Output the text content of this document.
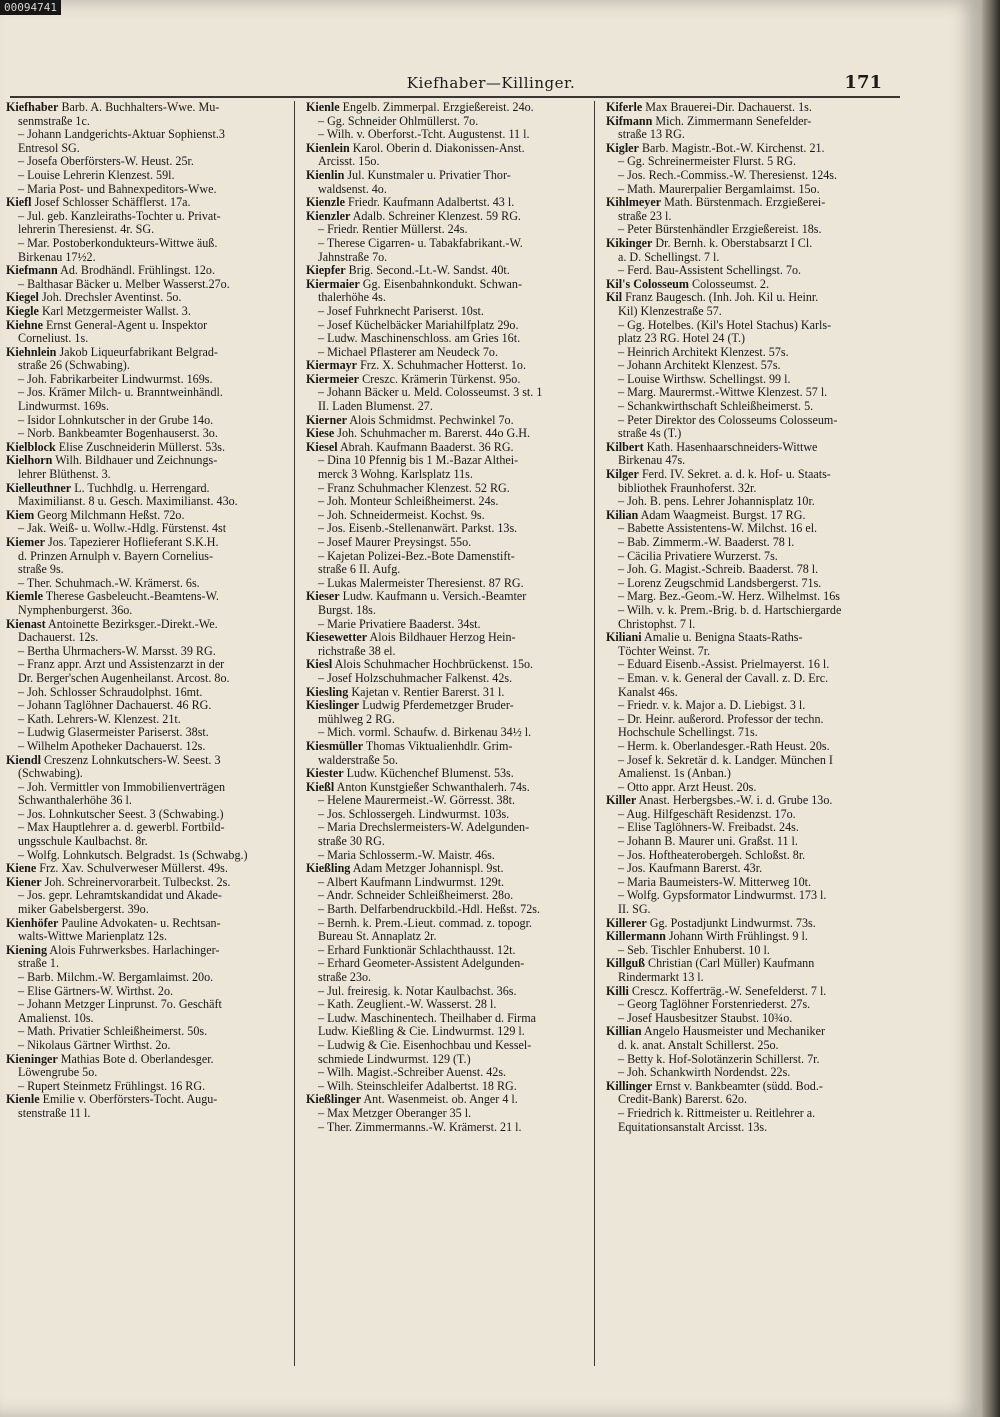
Kiefhaber—Killinger.	171

Kiefhaber Barb. A. Buchhalters-Wwe. Mu-

senmstraße 1c.

– Johann Landgerichts-Aktuar Sophienst.3

Entresol SG.

– Josefa Oberförsters-W. Heust. 25r.

– Louise Lehrerin Klenzest. 59l.

– Maria Post- und Bahnexpeditors-Wwe.

Kiefl Josef Schlosser Schäfflerst. 17a.

– Jul. geb. Kanzleiraths-Tochter u. Privat-

lehrerin Theresienst. 4r. SG.

– Mar. Postoberkondukteurs-Wittwe äuß.

Birkenau 17½2.

Kiefmann Ad. Brodhändl. Frühlingst. 12o.

– Balthasar Bäcker u. Melber Wasserst.27o.

Kiegel Joh. Drechsler Aventinst. 5o.

Kiegle Karl Metzgermeister Wallst. 3.

Kiehne Ernst General-Agent u. Inspektor

Corneliust. 1s.

Kiehnlein Jakob Liqueurfabrikant Belgrad-

straße 26 (Schwabing).

– Joh. Fabrikarbeiter Lindwurmst. 169s.

– Jos. Krämer Milch- u. Branntweinhändl.

Lindwurmst. 169s.

– Isidor Lohnkutscher in der Grube 14o.

– Norb. Bankbeamter Bogenhauserst. 3o.

Kielblock Elise Zuschneiderin Müllerst. 53s.

Kielhorn Wilh. Bildhauer und Zeichnungs-

lehrer Blüthenst. 3.

Kielleuthner L. Tuchhdlg. u. Herrengard.

Maximilianst. 8 u. Gesch. Maximilianst. 43o.

Kiem Georg Milchmann Heßst. 72o.

– Jak. Weiß- u. Wollw.-Hdlg. Fürstenst. 4st

Kiemer Jos. Tapezierer Hoflieferant S.K.H.

d. Prinzen Arnulph v. Bayern Cornelius-

straße 9s.

– Ther. Schuhmach.-W. Krämerst. 6s.

Kiemle Therese Gasbeleucht.-Beamtens-W.

Nymphenburgerst. 36o.

Kienast Antoinette Bezirksger.-Direkt.-We.

Dachauerst. 12s.

– Bertha Uhrmachers-W. Marsst. 39 RG.

– Franz appr. Arzt und Assistenzarzt in der

Dr. Berger'schen Augenheilanst. Arcost. 8o.

– Joh. Schlosser Schraudolphst. 16mt.

– Johann Taglöhner Dachauerst. 46 RG.

– Kath. Lehrers-W. Klenzest. 21t.

– Ludwig Glasermeister Pariserst. 38st.

– Wilhelm Apotheker Dachauerst. 12s.

Kiendl Creszenz Lohnkutschers-W. Seest. 3

(Schwabing).

– Joh. Vermittler von Immobilienverträgen

Schwanthalerhöhe 36 l.

– Jos. Lohnkutscher Seest. 3 (Schwabing.)

– Max Hauptlehrer a. d. gewerbl. Fortbild-

ungsschule Kaulbachst. 8r.

– Wolfg. Lohnkutsch. Belgradst. 1s (Schwabg.)

Kiene Frz. Xav. Schulverweser Müllerst. 49s.

Kiener Joh. Schreinervorarbeit. Tulbeckst. 2s.

– Jos. gepr. Lehramtskandidat und Akade-

miker Gabelsbergerst. 39o.

Kienhöfer Pauline Advokaten- u. Rechtsan-

walts-Wittwe Marienplatz 12s.

Kiening Alois Fuhrwerksbes. Harlachinger-

straße 1.

– Barb. Milchm.-W. Bergamlaimst. 20o.

– Elise Gärtners-W. Wirthst. 2o.

– Johann Metzger Linprunst. 7o. Geschäft

Amalienst. 10s.

– Math. Privatier Schleißheimerst. 50s.

– Nikolaus Gärtner Wirthst. 2o.

Kieninger Mathias Bote d. Oberlandesger.

Löwengrube 5o.

– Rupert Steinmetz Frühlingst. 16 RG.

Kienle Emilie v. Oberförsters-Tocht. Augu-

stenstraße 11 l.

Kienle Engelb. Zimmerpal. Erzgießereist. 24o.

– Gg. Schneider Ohlmüllerst. 7o.

– Wilh. v. Oberforst.-Tcht. Augustenst. 11 l.

Kienlein Karol. Oberin d. Diakonissen-Anst.

Arcisst. 15o.

Kienlin Jul. Kunstmaler u. Privatier Thor-

waldsenst. 4o.

Kienzle Friedr. Kaufmann Adalbertst. 43 l.

Kienzler Adalb. Schreiner Klenzest. 59 RG.

– Friedr. Rentier Müllerst. 24s.

– Therese Cigarren- u. Tabakfabrikant.-W.

Jahnstraße 7o.

Kiepfer Brig. Second.-Lt.-W. Sandst. 40t.

Kiermaier Gg. Eisenbahnkondukt. Schwan-

thalerhöhe 4s.

– Josef Fuhrknecht Pariserst. 10st.

– Josef Küchelbäcker Mariahilfplatz 29o.

– Ludw. Maschinenschloss. am Gries 16t.

– Michael Pflasterer am Neudeck 7o.

Kiermayr Frz. X. Schuhmacher Hotterst. 1o.

Kiermeier Creszc. Krämerin Türkenst. 95o.

– Johann Bäcker u. Meld. Colosseumst. 3 st. 1

II. Laden Blumenst. 27.

Kierner Alois Schmidmst. Pechwinkel 7o.

Kiese Joh. Schuhmacher m. Barerst. 44o G.H.

Kiesel Abrah. Kaufmann Baaderst. 36 RG.

– Dina 10 Pfennig bis 1 M.-Bazar Althei-

merck 3 Wohng. Karlsplatz 11s.

– Franz Schuhmacher Klenzest. 52 RG.

– Joh. Monteur Schleißheimerst. 24s.

– Joh. Schneidermeist. Kochst. 9s.

– Jos. Eisenb.-Stellenanwärt. Parkst. 13s.

– Josef Maurer Preysingst. 55o.

– Kajetan Polizei-Bez.-Bote Damenstift-

straße 6 II. Aufg.

– Lukas Malermeister Theresienst. 87 RG.

Kieser Ludw. Kaufmann u. Versich.-Beamter

Burgst. 18s.

– Marie Privatiere Baaderst. 34st.

Kiesewetter Alois Bildhauer Herzog Hein-

richstraße 38 el.

Kiesl Alois Schuhmacher Hochbrückenst. 15o.

– Josef Holzschuhmacher Falkenst. 42s.

Kiesling Kajetan v. Rentier Barerst. 31 l.

Kieslinger Ludwig Pferdemetzger Bruder-

mühlweg 2 RG.

– Mich. vorml. Schaufw. d. Birkenau 34½ l.

Kiesmüller Thomas Viktualienhdlr. Grim-

walderstraße 5o.

Kiester Ludw. Küchenchef Blumenst. 53s.

Kießl Anton Kunstgießer Schwanthalerh. 74s.

– Helene Maurermeist.-W. Görresst. 38t.

– Jos. Schlossergeh. Lindwurmst. 103s.

– Maria Drechslermeisters-W. Adelgunden-

straße 30 RG.

– Maria Schlosserm.-W. Maistr. 46s.

Kießling Adam Metzger Johannispl. 9st.

– Albert Kaufmann Lindwurmst. 129t.

– Andr. Schneider Schleißheimerst. 28o.

– Barth. Delfarbendruckbild.-Hdl. Heßst. 72s.

– Bernh. k. Prem.-Lieut. commad. z. topogr.

Bureau St. Annaplatz 2r.

– Erhard Funktionär Schlachthausst. 12t.

– Erhard Geometer-Assistent Adelgunden-

straße 23o.

– Jul. freiresig. k. Notar Kaulbachst. 36s.

– Kath. Zeuglient.-W. Wasserst. 28 l.

– Ludw. Maschinentech. Theilhaber d. Firma

Ludw. Kießling & Cie. Lindwurmst. 129 l.

– Ludwig & Cie. Eisenhochbau und Kessel-

schmiede Lindwurmst. 129 (T.)

– Wilh. Magist.-Schreiber Auenst. 42s.

– Wilh. Steinschleifer Adalbertst. 18 RG.

Kießlinger Ant. Wasenmeist. ob. Anger 4 l.

– Max Metzger Oberanger 35 l.

– Ther. Zimmermanns.-W. Krämerst. 21 l.

Kiferle Max Brauerei-Dir. Dachauerst. 1s.

Kifmann Mich. Zimmermann Senefelder-

straße 13 RG.

Kigler Barb. Magistr.-Bot.-W. Kirchenst. 21.

– Gg. Schreinermeister Flurst. 5 RG.

– Jos. Rech.-Commiss.-W. Theresienst. 124s.

– Math. Maurerpalier Bergamlaimst. 15o.

Kihlmeyer Math. Bürstenmach. Erzgießerei-

straße 23 l.

– Peter Bürstenhändler Erzgießereist. 18s.

Kikinger Dr. Bernh. k. Oberstabsarzt I Cl.

a. D. Schellingst. 7 l.

– Ferd. Bau-Assistent Schellingst. 7o.

Kil's Colosseum Colosseumst. 2.

Kil Franz Baugesch. (Inh. Joh. Kil u. Heinr.

Kil) Klenzestraße 57.

– Gg. Hotelbes. (Kil's Hotel Stachus) Karls-

platz 23 RG. Hotel 24 (T.)

– Heinrich Architekt Klenzest. 57s.

– Johann Architekt Klenzest. 57s.

– Louise Wirthsw. Schellingst. 99 l.

– Marg. Maurermst.-Wittwe Klenzest. 57 l.

– Schankwirthschaft Schleißheimerst. 5.

– Peter Direktor des Colosseums Colosseum-

straße 4s (T.)

Kilbert Kath. Hasenhaarschneiders-Wittwe

Birkenau 47s.

Kilger Ferd. IV. Sekret. a. d. k. Hof- u. Staats-

bibliothek Fraunhoferst. 32r.

– Joh. B. pens. Lehrer Johannisplatz 10r.

Kilian Adam Waagmeist. Burgst. 17 RG.

– Babette Assistentens-W. Milchst. 16 el.

– Bab. Zimmerm.-W. Baaderst. 78 l.

– Cäcilia Privatiere Wurzerst. 7s.

– Joh. G. Magist.-Schreib. Baaderst. 78 l.

– Lorenz Zeugschmid Landsbergerst. 71s.

– Marg. Bez.-Geom.-W. Herz. Wilhelmst. 16s

– Wilh. v. k. Prem.-Brig. b. d. Hartschiergarde

Christophst. 7 l.

Kiliani Amalie u. Benigna Staats-Raths-

Töchter Weinst. 7r.

– Eduard Eisenb.-Assist. Prielmayerst. 16 l.

– Eman. v. k. General der Cavall. z. D. Erc.

Kanalst 46s.

– Friedr. v. k. Major a. D. Liebigst. 3 l.

– Dr. Heinr. außerord. Professor der techn.

Hochschule Schellingst. 71s.

– Herm. k. Oberlandesger.-Rath Heust. 20s.

– Josef k. Sekretär d. k. Landger. München I

Amalienst. 1s (Anban.)

– Otto appr. Arzt Heust. 20s.

Killer Anast. Herbergsbes.-W. i. d. Grube 13o.

– Aug. Hilfgeschäft Residenzst. 17o.

– Elise Taglöhners-W. Freibadst. 24s.

– Johann B. Maurer uni. Graßst. 11 l.

– Jos. Hoftheaterobergeh. Schloßst. 8r.

– Jos. Kaufmann Barerst. 43r.

– Maria Baumeisters-W. Mitterweg 10t.

– Wolfg. Gypsformator Lindwurmst. 173 l.

II. SG.

Killerer Gg. Postadjunkt Lindwurmst. 73s.

Killermann Johann Wirth Frühlingst. 9 l.

– Seb. Tischler Enhuberst. 10 l.

Killguß Christian (Carl Müller) Kaufmann

Rindermarkt 13 l.

Killi Crescz. Kofferträg.-W. Senefelderst. 7 l.

– Georg Taglöhner Forstenriederst. 27s.

– Josef Hausbesitzer Staubst. 10¾o.

Killian Angelo Hausmeister und Mechaniker

d. k. anat. Anstalt Schillerst. 25o.

– Betty k. Hof-Solotänzerin Schillerst. 7r.

– Joh. Schankwirth Nordendst. 22s.

Killinger Ernst v. Bankbeamter (südd. Bod.-

Credit-Bank) Barerst. 62o.

– Friedrich k. Rittmeister u. Reitlehrer a.

Equitationsanstalt Arcisst. 13s.

00094741
